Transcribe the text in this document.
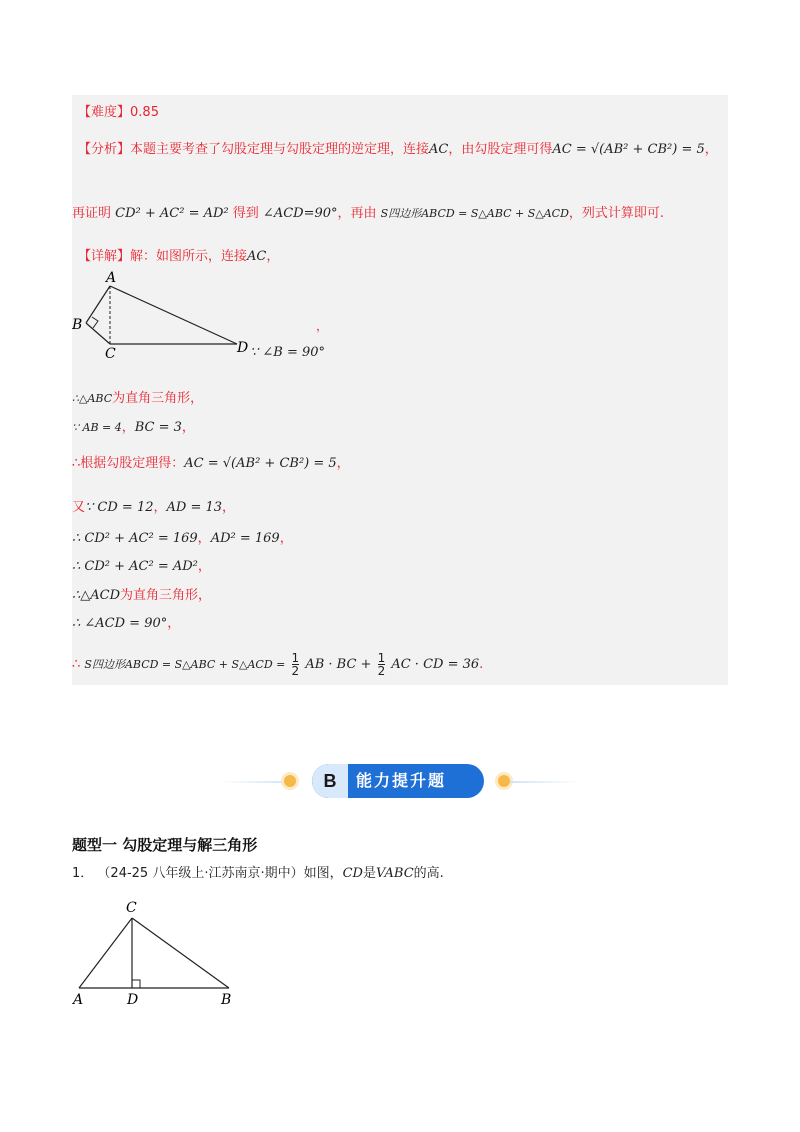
【难度】0.85
【分析】本题主要考查了勾股定理与勾股定理的逆定理，连接AC，由勾股定理可得AC = √(AB² + CB²) = 5，
再证明 CD² + AC² = AD² 得到 ∠ACD=90°，再由 S四边形ABCD = S△ABC + S△ACD，列式计算即可.
【详解】解：如图所示，连接AC，
A
B
C	D
，
∵ ∠B = 90°
∴△ABC为直角三角形，
∵ AB = 4，BC = 3，
∴根据勾股定理得：AC = √(AB² + CB²) = 5，
又∵ CD = 12，AD = 13，
∴ CD² + AC² = 169，AD² = 169，
∴ CD² + AC² = AD²，
∴△ACD为直角三角形，
∴ ∠ACD = 90°，
∴ S四边形ABCD = S△ABC + S△ACD = $\frac{1}{2}$ AB · BC + $\frac{1}{2}$ AC · CD = 36.
B	能力提升题
题型一 勾股定理与解三角形
1． （24-25 八年级上·江苏南京·期中）如图，CD是VABC的高.
C
A	D	B
